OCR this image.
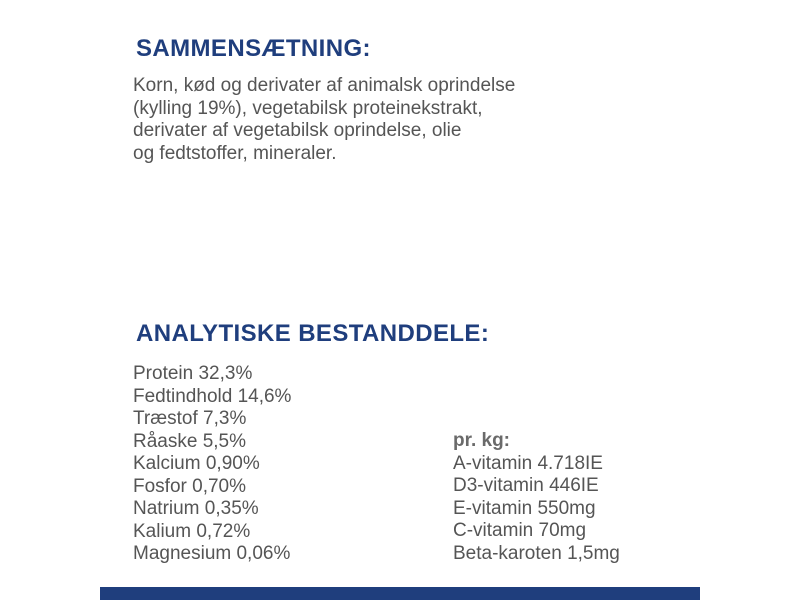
SAMMENSÆTNING:

Korn, kød og derivater af animalsk oprindelse
(kylling 19%), vegetabilsk proteinekstrakt,
derivater af vegetabilsk oprindelse, olie
og fedtstoffer, mineraler.

ANALYTISKE BESTANDDELE:
Protein 32,3%
Fedtindhold 14,6%
Træstof 7,3%
Råaske 5,5%
Kalcium 0,90%
Fosfor 0,70%
Natrium 0,35%
Kalium 0,72%
Magnesium 0,06%
pr. kg:
A-vitamin 4.718IE
D3-vitamin 446IE
E-vitamin 550mg
C-vitamin 70mg
Beta-karoten 1,5mg
